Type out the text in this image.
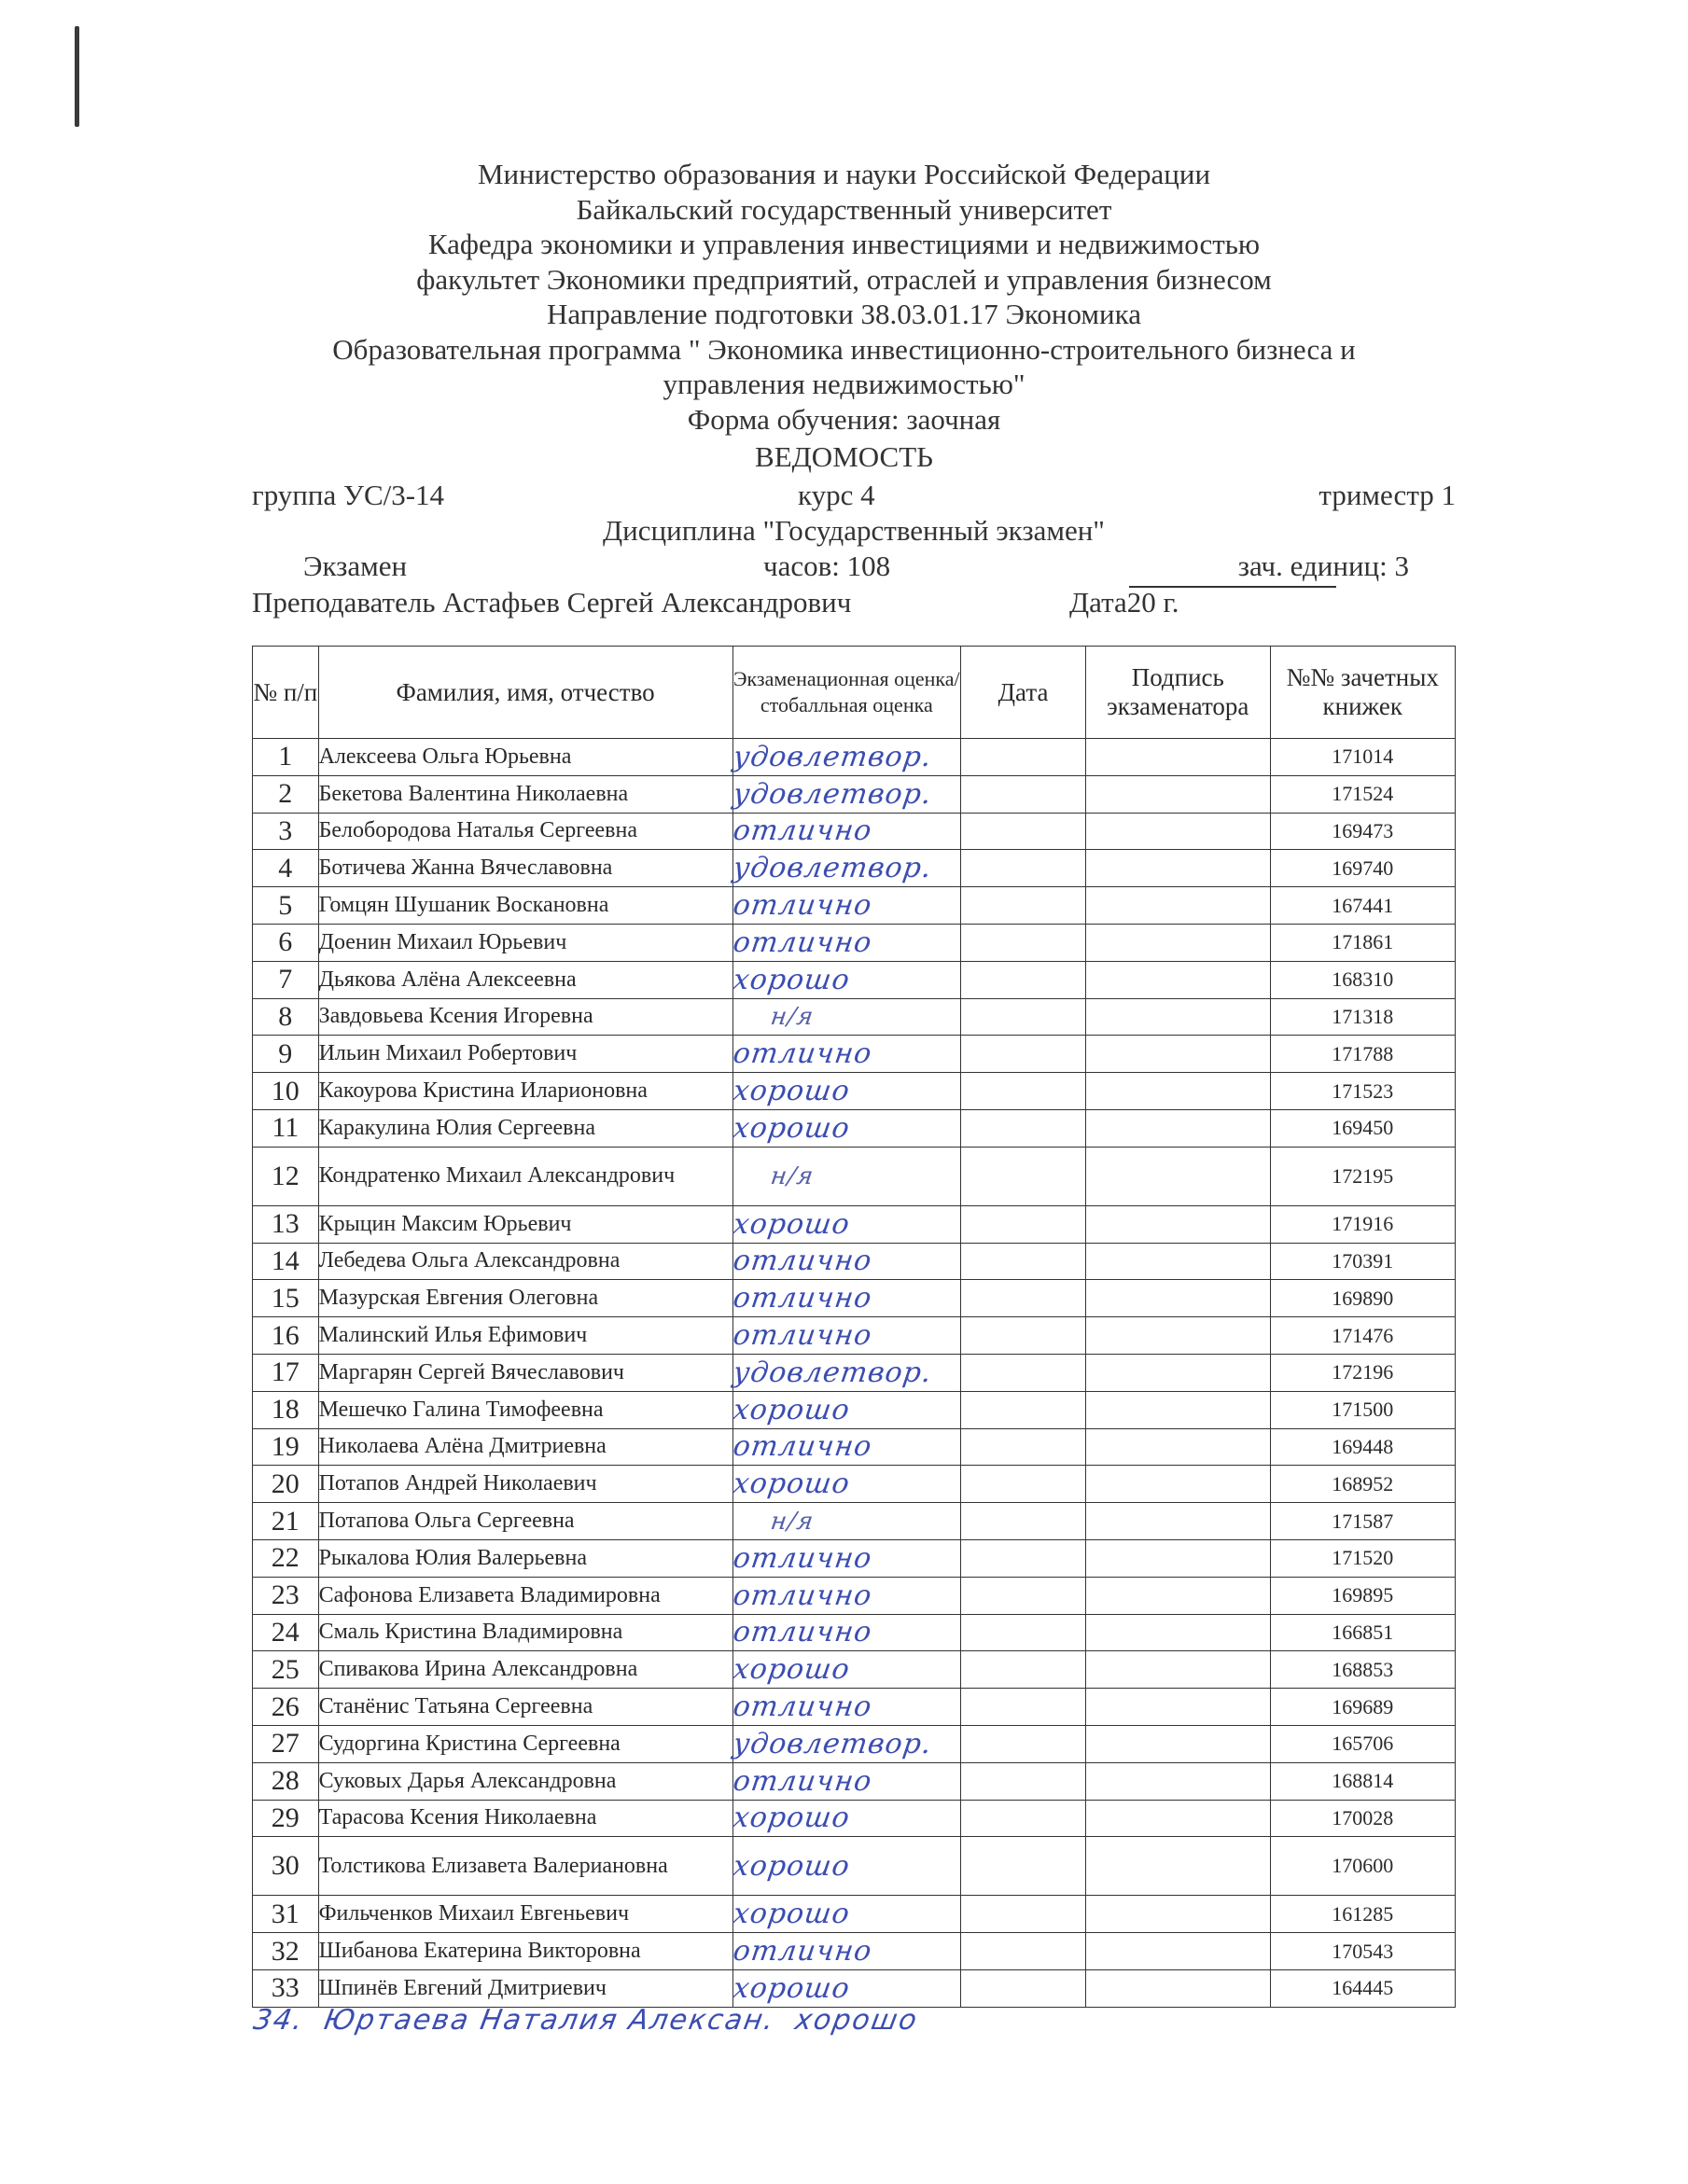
Министерство образования и науки Российской Федерации
Байкальский государственный университет
Кафедра экономики и управления инвестициями и недвижимостью
факультет Экономики предприятий, отраслей и управления бизнесом
Направление подготовки 38.03.01.17 Экономика
Образовательная программа " Экономика инвестиционно-строительного бизнеса и
управления недвижимостью"
Форма обучения: заочная
ВЕДОМОСТЬ
группа УС/3-14	курс 4	триместр 1
Дисциплина "Государственный экзамен"
Экзамен	часов: 108	зач. единиц: 3
Преподаватель Астафьев Сергей Александрович	Дата
20 г.
№ п/п	Фамилия, имя, отчество	Экзаменационная оценка/стобалльная оценка	Дата	Подпись экзаменатора	№№ зачетных книжек
1	Алексеева Ольга Юрьевна	удовлетвор.			171014
2	Бекетова Валентина Николаевна	удовлетвор.			171524
3	Белобородова Наталья Сергеевна	отлично			169473
4	Ботичева Жанна Вячеславовна	удовлетвор.			169740
5	Гомцян Шушаник Воскановна	отлично			167441
6	Доенин Михаил Юрьевич	отлично			171861
7	Дьякова Алёна Алексеевна	хорошо			168310
8	Завдовьева Ксения Игоревна	н/я			171318
9	Ильин Михаил Робертович	отлично			171788
10	Какоурова Кристина Иларионовна	хорошо			171523
11	Каракулина Юлия Сергеевна	хорошо			169450
12	Кондратенко Михаил Александрович	н/я			172195
13	Крыцин Максим Юрьевич	хорошо			171916
14	Лебедева Ольга Александровна	отлично			170391
15	Мазурская Евгения Олеговна	отлично			169890
16	Малинский Илья Ефимович	отлично			171476
17	Маргарян Сергей Вячеславович	удовлетвор.			172196
18	Мешечко Галина Тимофеевна	хорошо			171500
19	Николаева Алёна Дмитриевна	отлично			169448
20	Потапов Андрей Николаевич	хорошо			168952
21	Потапова Ольга Сергеевна	н/я			171587
22	Рыкалова Юлия Валерьевна	отлично			171520
23	Сафонова Елизавета Владимировна	отлично			169895
24	Смаль Кристина Владимировна	отлично			166851
25	Спивакова Ирина Александровна	хорошо			168853
26	Станёнис Татьяна Сергеевна	отлично			169689
27	Судоргина Кристина Сергеевна	удовлетвор.			165706
28	Суковых Дарья Александровна	отлично			168814
29	Тарасова Ксения Николаевна	хорошо			170028
30	Толстикова Елизавета Валериановна	хорошо			170600
31	Фильченков Михаил Евгеньевич	хорошо			161285
32	Шибанова Екатерина Викторовна	отлично			170543
33	Шпинёв Евгений Дмитриевич	хорошо			164445
34. Юртаева Наталия Алексан. хорошо
